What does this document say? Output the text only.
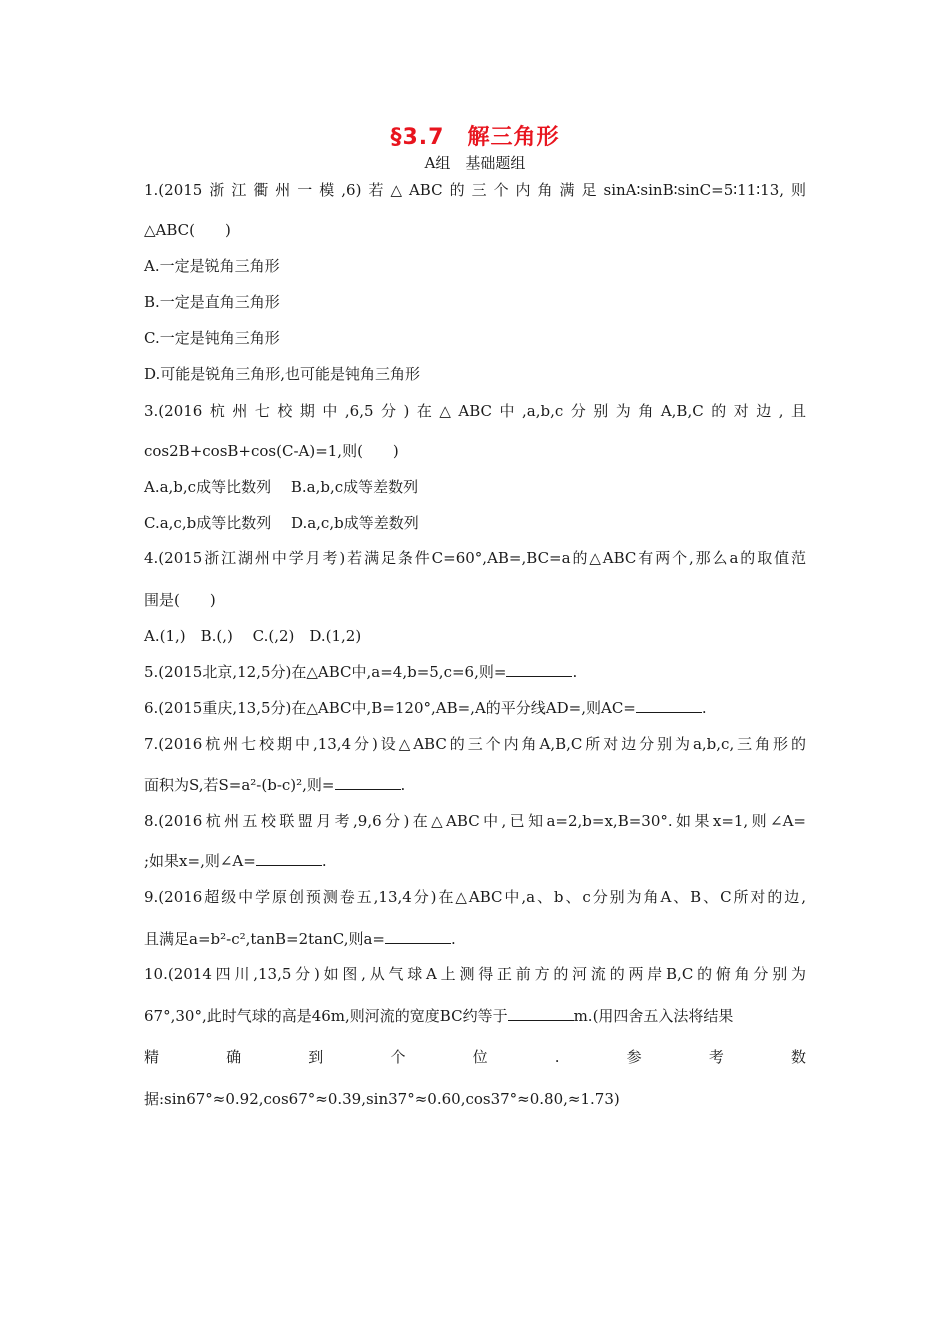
§3.7　解三角形
A组　基础题组
1.(2015浙江衢州一模,6)若△ABC的三个内角满足sinA∶sinB∶sinC=5∶11∶13,则
△ABC(　　)
A.一定是锐角三角形
B.一定是直角三角形
C.一定是钝角三角形
D.可能是锐角三角形,也可能是钝角三角形
3.(2016杭州七校期中,6,5分)在△ABC中,a,b,c分别为角A,B,C的对边,且
cos2B+cosB+cos(C-A)=1,则(　　)
A.a,b,c成等比数列　 B.a,b,c成等差数列
C.a,c,b成等比数列　 D.a,c,b成等差数列
4.(2015浙江湖州中学月考)若满足条件C=60°,AB=,BC=a的△ABC有两个,那么a的取值范
围是(　　)
A.(1,)　B.(,)　 C.(,2)　D.(1,2)
5.(2015北京,12,5分)在△ABC中,a=4,b=5,c=6,则=	.
6.(2015重庆,13,5分)在△ABC中,B=120°,AB=,A的平分线AD=,则AC=	.
7.(2016杭州七校期中,13,4分)设△ABC的三个内角A,B,C所对边分别为a,b,c,三角形的
面积为S,若S=a²-(b-c)²,则=	.
8.(2016杭州五校联盟月考,9,6分)在△ABC中,已知a=2,b=x,B=30°.如果x=1,则∠A=
;如果x=,则∠A=	.
9.(2016超级中学原创预测卷五,13,4分)在△ABC中,a、b、c分别为角A、B、C所对的边,
且满足a=b²-c²,tanB=2tanC,则a=	.
10.(2014四川,13,5分)如图,从气球A上测得正前方的河流的两岸B,C的俯角分别为
67°,30°,此时气球的高是46m,则河流的宽度BC约等于	m.(用四舍五入法将结果
精　确　到　个　位　.　参　考　数
据:sin67°≈0.92,cos67°≈0.39,sin37°≈0.60,cos37°≈0.80,≈1.73)
